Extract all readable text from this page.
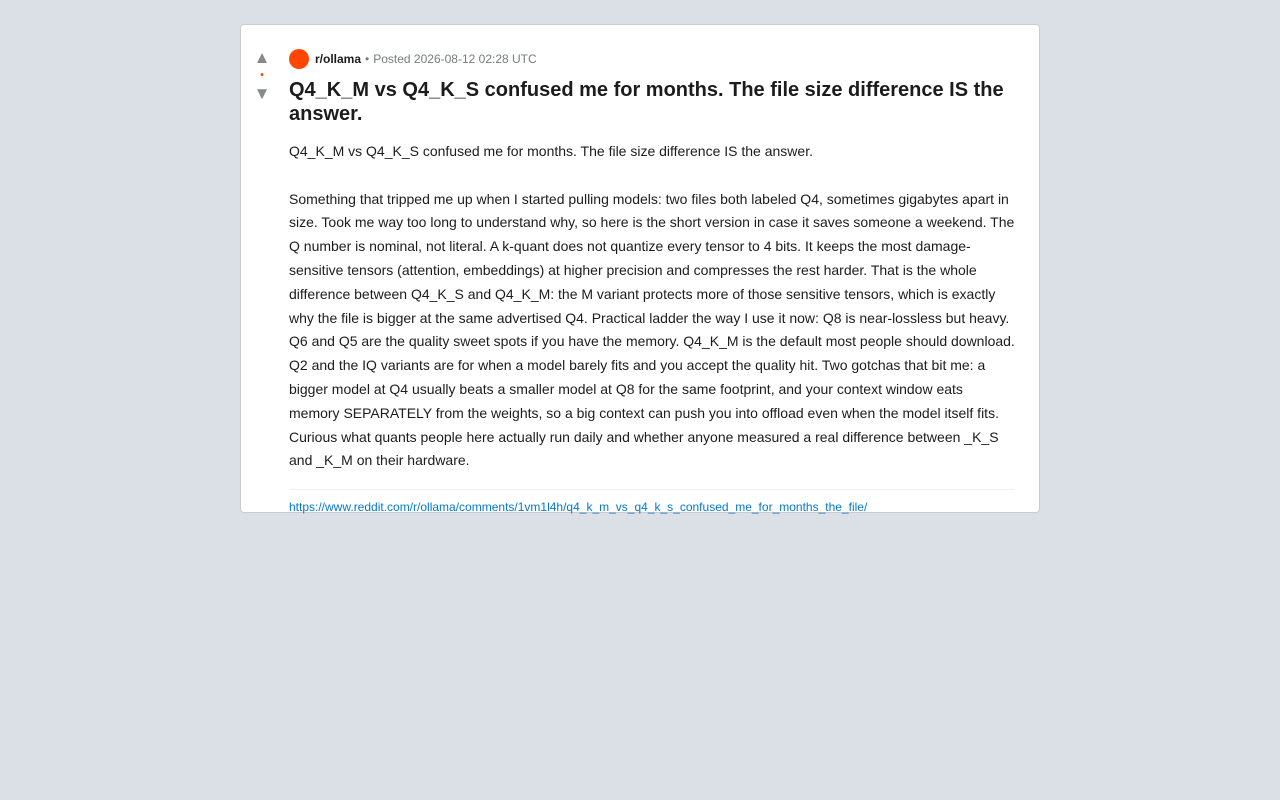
▲
•
▼
r/ollama • Posted 2026-08-12 02:28 UTC
Q4_K_M vs Q4_K_S confused me for months. The file size difference IS the answer.

Q4_K_M vs Q4_K_S confused me for months. The file size difference IS the answer.

Something that tripped me up when I started pulling models: two files both labeled Q4, sometimes gigabytes apart in size. Took me way too long to understand why, so here is the short version in case it saves someone a weekend. The Q number is nominal, not literal. A k-quant does not quantize every tensor to 4 bits. It keeps the most damage-sensitive tensors (attention, embeddings) at higher precision and compresses the rest harder. That is the whole difference between Q4_K_S and Q4_K_M: the M variant protects more of those sensitive tensors, which is exactly why the file is bigger at the same advertised Q4. Practical ladder the way I use it now: Q8 is near-lossless but heavy. Q6 and Q5 are the quality sweet spots if you have the memory. Q4_K_M is the default most people should download. Q2 and the IQ variants are for when a model barely fits and you accept the quality hit. Two gotchas that bit me: a bigger model at Q4 usually beats a smaller model at Q8 for the same footprint, and your context window eats memory SEPARATELY from the weights, so a big context can push you into offload even when the model itself fits. Curious what quants people here actually run daily and whether anyone measured a real difference between _K_S and _K_M on their hardware.

https://www.reddit.com/r/ollama/comments/1vm1l4h/q4_k_m_vs_q4_k_s_confused_me_for_months_the_file/
